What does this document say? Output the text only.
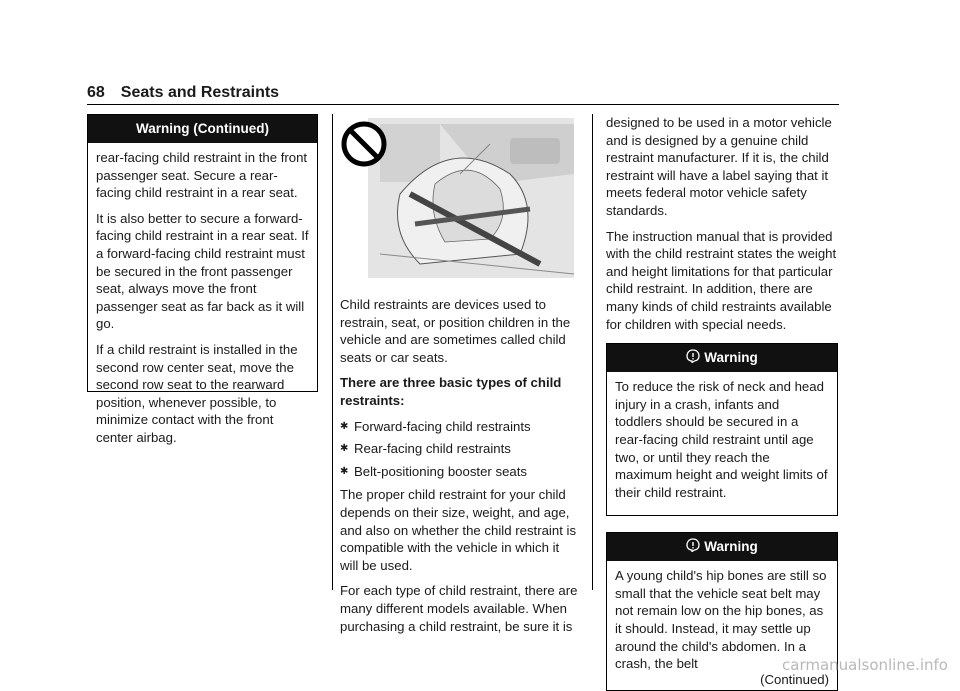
68 Seats and Restraints
Warning (Continued)

rear-facing child restraint in the front passenger seat. Secure a rear-facing child restraint in a rear seat.

It is also better to secure a forward-facing child restraint in a rear seat. If a forward-facing child restraint must be secured in the front passenger seat, always move the front passenger seat as far back as it will go.

If a child restraint is installed in the second row center seat, move the second row seat to the rearward position, whenever possible, to minimize contact with the front center airbag.

Child restraints are devices used to restrain, seat, or position children in the vehicle and are sometimes called child seats or car seats.

There are three basic types of child restraints:

✱ Forward-facing child restraints
✱ Rear-facing child restraints
✱ Belt-positioning booster seats

The proper child restraint for your child depends on their size, weight, and age, and also on whether the child restraint is compatible with the vehicle in which it will be used.

For each type of child restraint, there are many different models available. When purchasing a child restraint, be sure it is

designed to be used in a motor vehicle and is designed by a genuine child restraint manufacturer. If it is, the child restraint will have a label saying that it meets federal motor vehicle safety standards.

The instruction manual that is provided with the child restraint states the weight and height limitations for that particular child restraint. In addition, there are many kinds of child restraints available for children with special needs.

Warning

To reduce the risk of neck and head injury in a crash, infants and toddlers should be secured in a rear-facing child restraint until age two, or until they reach the maximum height and weight limits of their child restraint.

Warning

A young child's hip bones are still so small that the vehicle seat belt may not remain low on the hip bones, as it should. Instead, it may settle up around the child's abdomen. In a crash, the belt

(Continued)
carmanualsonline.info
